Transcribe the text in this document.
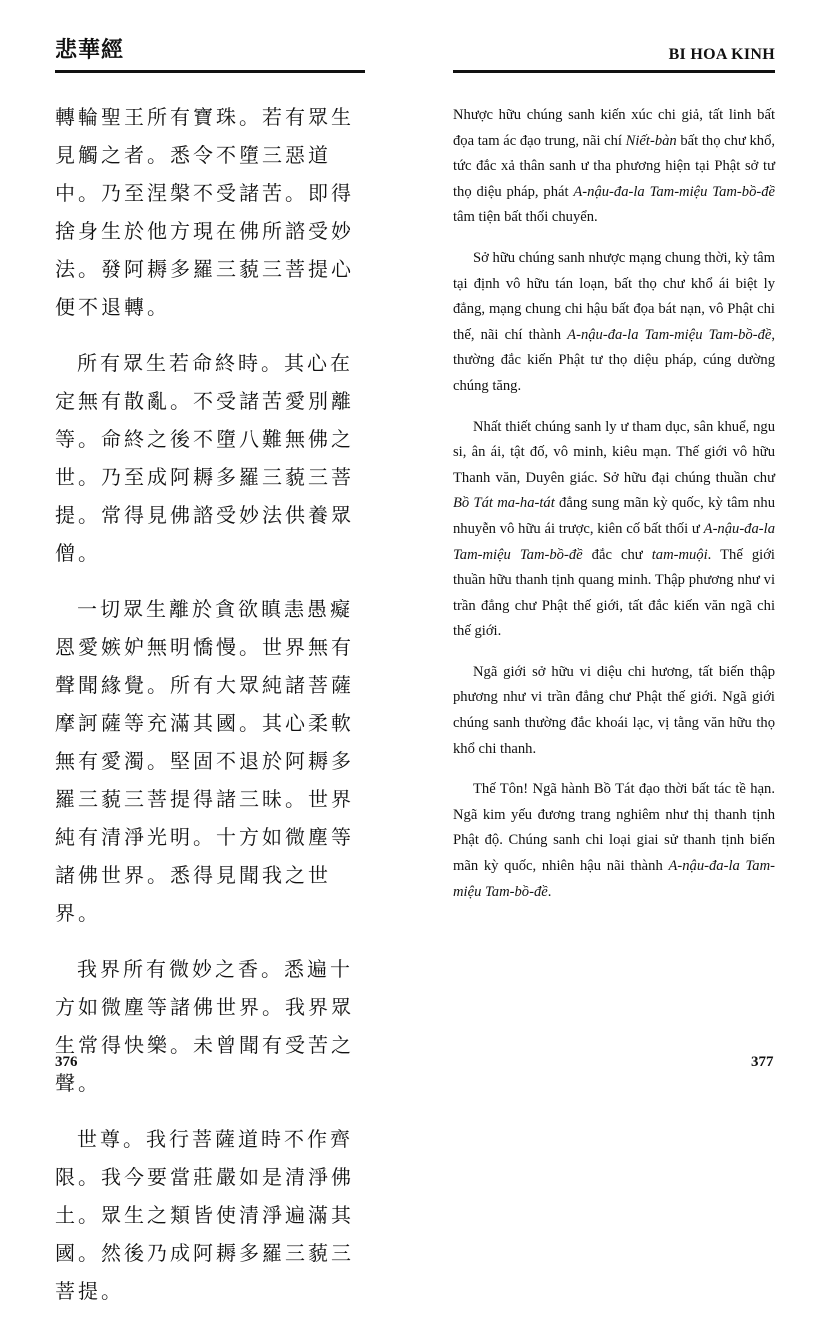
悲華經

轉輪聖王所有寶珠。若有眾生見觸之者。悉令不墮三惡道中。乃至涅槃不受諸苦。即得捨身生於他方現在佛所諮受妙法。發阿耨多羅三藐三菩提心便不退轉。

所有眾生若命終時。其心在定無有散亂。不受諸苦愛別離等。命終之後不墮八難無佛之世。乃至成阿耨多羅三藐三菩提。常得見佛諮受妙法供養眾僧。

一切眾生離於貪欲瞋恚愚癡恩愛嫉妒無明憍慢。世界無有聲聞緣覺。所有大眾純諸菩薩摩訶薩等充滿其國。其心柔軟無有愛濁。堅固不退於阿耨多羅三藐三菩提得諸三昧。世界純有清淨光明。十方如微塵等諸佛世界。悉得見聞我之世界。

我界所有微妙之香。悉遍十方如微塵等諸佛世界。我界眾生常得快樂。未曾聞有受苦之聲。

世尊。我行菩薩道時不作齊限。我今要當莊嚴如是清淨佛土。眾生之類皆使清淨遍滿其國。然後乃成阿耨多羅三藐三菩提。

376
BI HOA KINH

Nhược hữu chúng sanh kiến xúc chi giả, tất linh bất đọa tam ác đạo trung, nãi chí Niết-bàn bất thọ chư khổ, tức đắc xả thân sanh ư tha phương hiện tại Phật sở tư thọ diệu pháp, phát A-nậu-đa-la Tam-miệu Tam-bồ-đề tâm tiện bất thối chuyển.

Sở hữu chúng sanh nhược mạng chung thời, kỳ tâm tại định vô hữu tán loạn, bất thọ chư khổ ái biệt ly đẳng, mạng chung chi hậu bất đọa bát nạn, vô Phật chi thế, nãi chí thành A-nậu-đa-la Tam-miệu Tam-bồ-đề, thường đắc kiến Phật tư thọ diệu pháp, cúng dường chúng tăng.

Nhất thiết chúng sanh ly ư tham dục, sân khuể, ngu si, ân ái, tật đố, vô minh, kiêu mạn. Thế giới vô hữu Thanh văn, Duyên giác. Sở hữu đại chúng thuần chư Bồ Tát ma-ha-tát đẳng sung mãn kỳ quốc, kỳ tâm nhu nhuyễn vô hữu ái trược, kiên cố bất thối ư A-nậu-đa-la Tam-miệu Tam-bồ-đề đắc chư tam-muội. Thế giới thuần hữu thanh tịnh quang minh. Thập phương như vi trần đẳng chư Phật thế giới, tất đắc kiến văn ngã chi thế giới.

Ngã giới sở hữu vi diệu chi hương, tất biến thập phương như vi trần đẳng chư Phật thế giới. Ngã giới chúng sanh thường đắc khoái lạc, vị tằng văn hữu thọ khổ chi thanh.

Thế Tôn! Ngã hành Bồ Tát đạo thời bất tác tề hạn. Ngã kim yếu đương trang nghiêm như thị thanh tịnh Phật độ. Chúng sanh chi loại giai sử thanh tịnh biến mãn kỳ quốc, nhiên hậu nãi thành A-nậu-đa-la Tam-miệu Tam-bồ-đề.

377
